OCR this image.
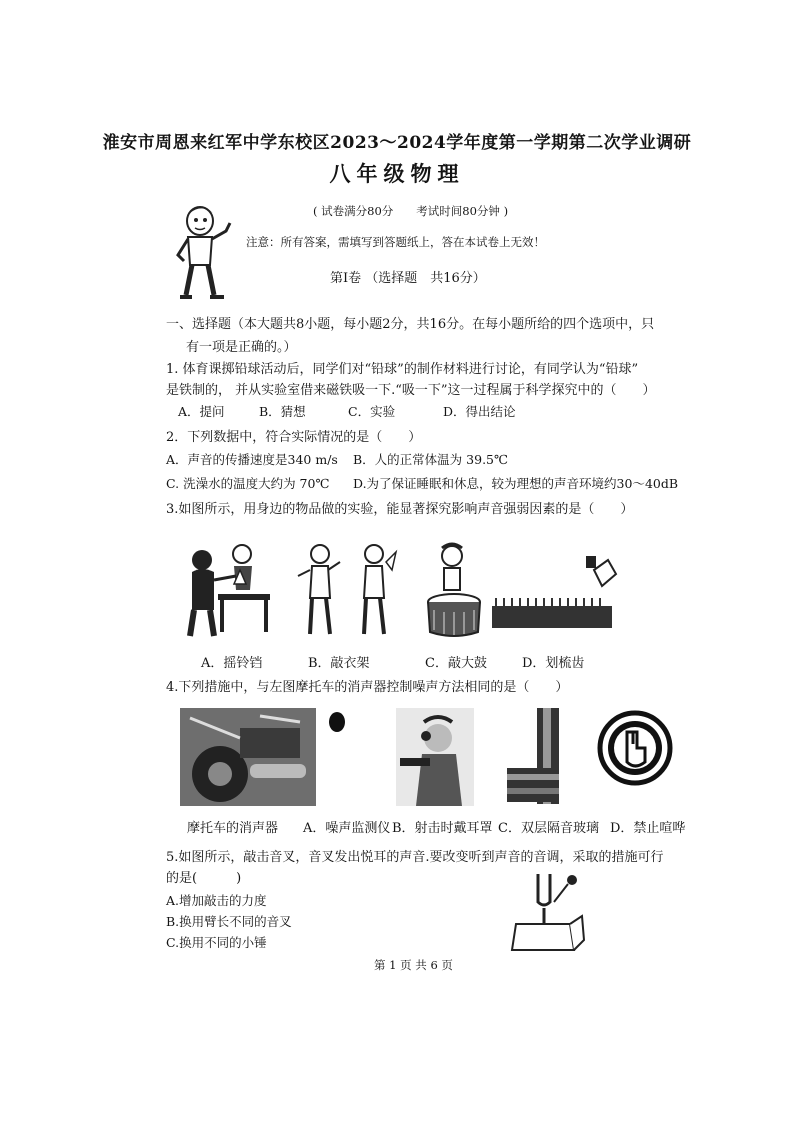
淮安市周恩来红军中学东校区2023～2024学年度第一学期第二次学业调研
八年级物理
( 试卷满分80分　　考试时间80分钟 )
注意：所有答案，需填写到答题纸上，答在本试卷上无效！
第Ⅰ卷 （选择题　共16分）
一、选择题（本大题共8小题，每小题2分，共16分。在每小题所给的四个选项中，只
有一项是正确的。）
1. 体育课掷铅球活动后，同学们对“铅球”的制作材料进行讨论，有同学认为“铅球”
是铁制的， 并从实验室借来磁铁吸一下.“吸一下”这一过程属于科学探究中的（　　）
A．提问	B．猜想	C．实验	D．得出结论
2．下列数据中，符合实际情况的是（　　）
A．声音的传播速度是340 m/s B．人的正常体温为 39.5℃
C. 洗澡水的温度大约为 70℃ D.为了保证睡眠和休息，较为理想的声音环境约30～40dB
3.如图所示，用身边的物品做的实验，能显著探究影响声音强弱因素的是（　　）
A．摇铃铛	B．敲衣架	C．敲大鼓	D．划梳齿
4.下列措施中，与左图摩托车的消声器控制噪声方法相同的是（　　）
摩托车的消声器 A．噪声监测仪 B．射击时戴耳罩 C．双层隔音玻璃 D．禁止喧哗
5.如图所示，敲击音叉，音叉发出悦耳的声音.要改变听到声音的音调，采取的措施可行
的是(　　　)
A.增加敲击的力度
B.换用臂长不同的音叉
C.换用不同的小锤
第 1 页 共 6 页
